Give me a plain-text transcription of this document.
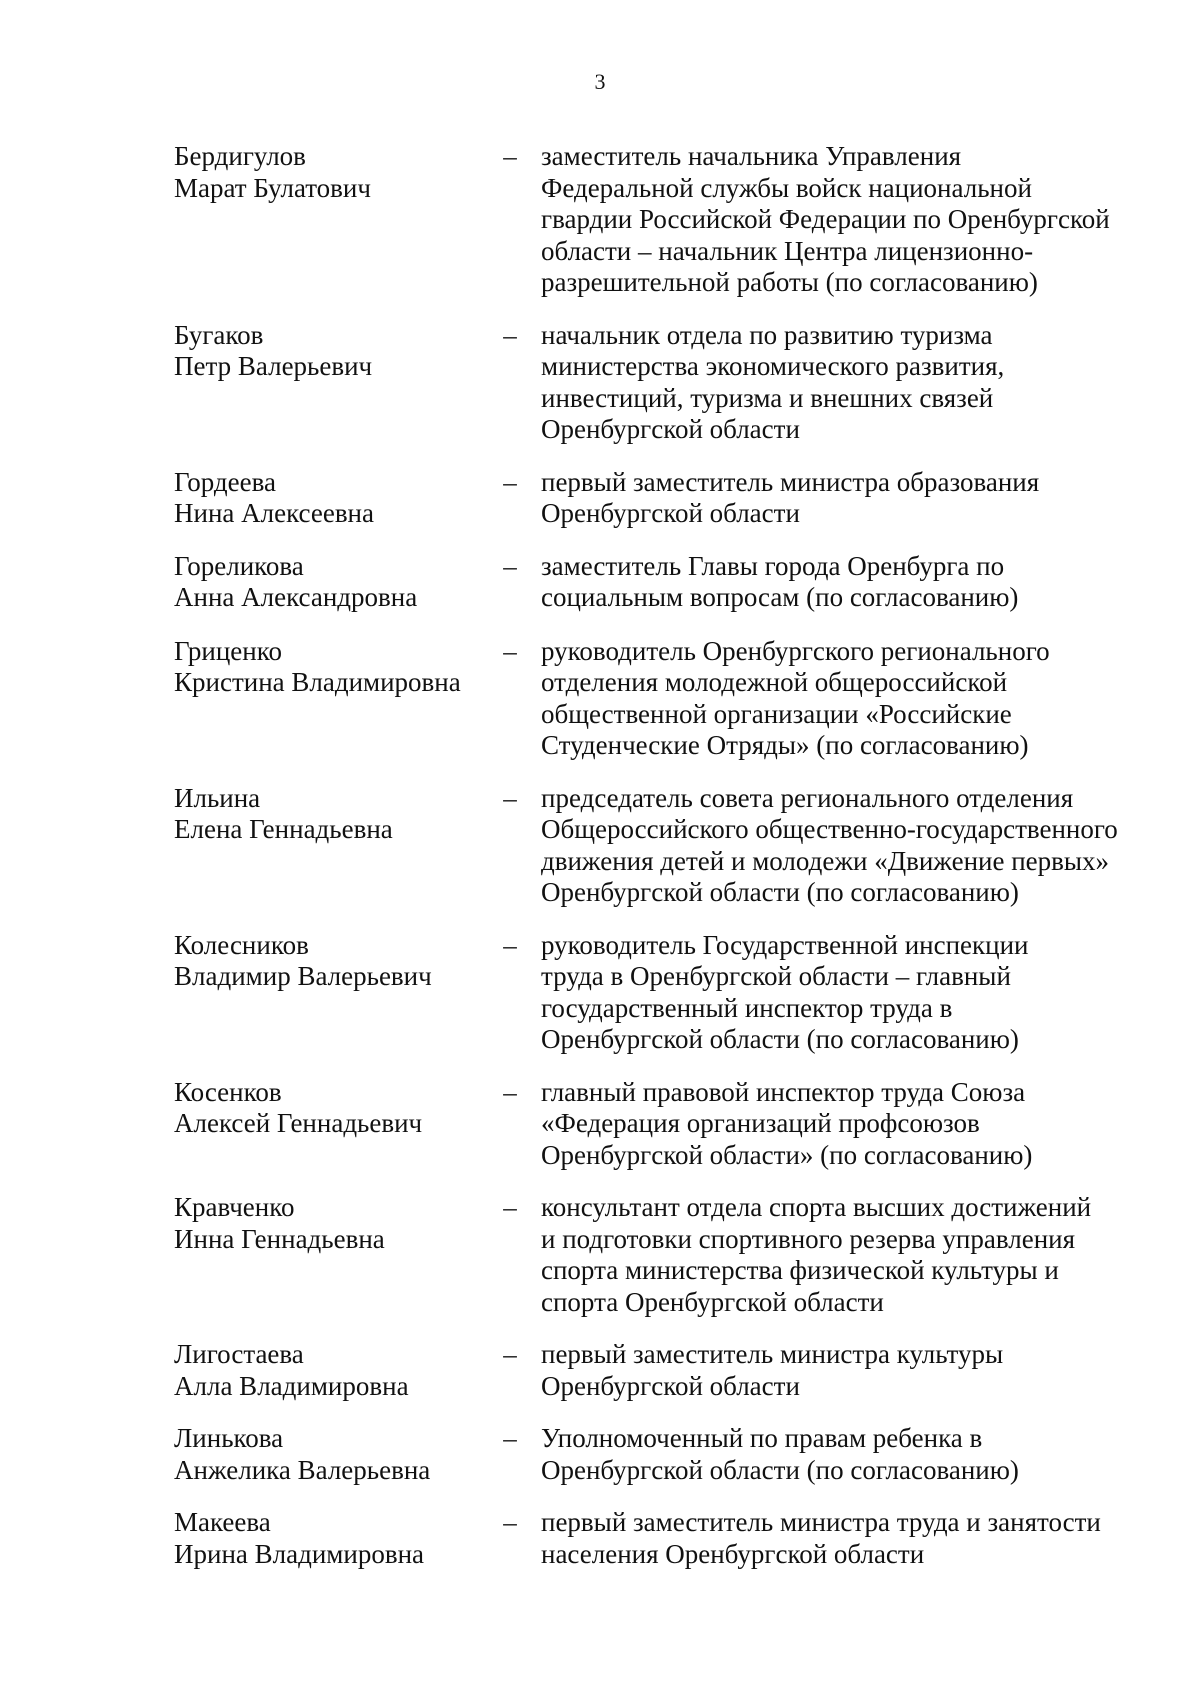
3
Бердигулов
Марат Булатович
– заместитель начальника Управления
Федеральной службы войск национальной
гвардии Российской Федерации по Оренбургской
области – начальник Центра лицензионно-
разрешительной работы (по согласованию)
Бугаков
Петр Валерьевич
– начальник отдела по развитию туризма
министерства экономического развития,
инвестиций, туризма и внешних связей
Оренбургской области
Гордеева
Нина Алексеевна
– первый заместитель министра образования
Оренбургской области
Гореликова
Анна Александровна
– заместитель Главы города Оренбурга по
социальным вопросам (по согласованию)
Гриценко
Кристина Владимировна
– руководитель Оренбургского регионального
отделения молодежной общероссийской
общественной организации «Российские
Студенческие Отряды» (по согласованию)
Ильина
Елена Геннадьевна
– председатель совета регионального отделения
Общероссийского общественно-государственного
движения детей и молодежи «Движение первых»
Оренбургской области (по согласованию)
Колесников
Владимир Валерьевич
– руководитель Государственной инспекции
труда в Оренбургской области – главный
государственный инспектор труда в
Оренбургской области (по согласованию)
Косенков
Алексей Геннадьевич
– главный правовой инспектор труда Союза
«Федерация организаций профсоюзов
Оренбургской области» (по согласованию)
Кравченко
Инна Геннадьевна
– консультант отдела спорта высших достижений
и подготовки спортивного резерва управления
спорта министерства физической культуры и
спорта Оренбургской области
Лигостаева
Алла Владимировна
– первый заместитель министра культуры
Оренбургской области
Линькова
Анжелика Валерьевна
– Уполномоченный по правам ребенка в
Оренбургской области (по согласованию)
Макеева
Ирина Владимировна
– первый заместитель министра труда и занятости
населения Оренбургской области
